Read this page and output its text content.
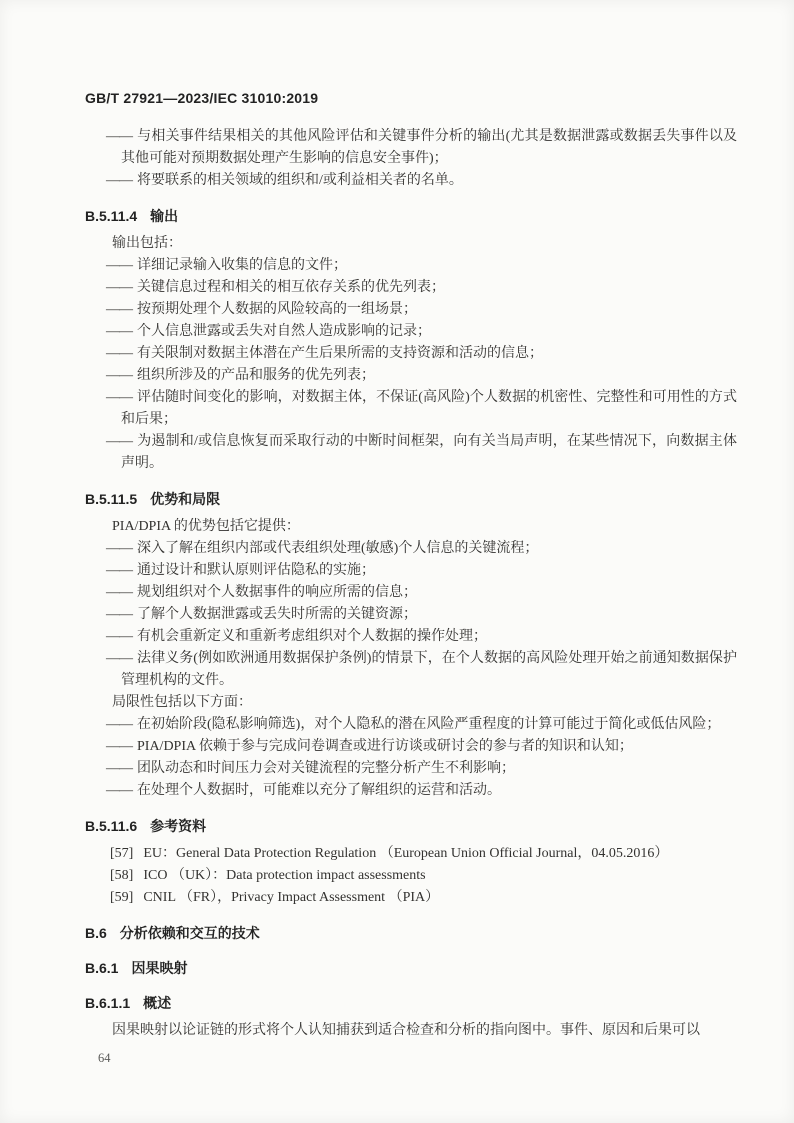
GB/T 27921—2023/IEC 31010:2019

—— 与相关事件结果相关的其他风险评估和关键事件分析的输出(尤其是数据泄露或数据丢失事件以及其他可能对预期数据处理产生影响的信息安全事件)；

—— 将要联系的相关领域的组织和/或利益相关者的名单。

B.5.11.4 输出

输出包括：

—— 详细记录输入收集的信息的文件；

—— 关键信息过程和相关的相互依存关系的优先列表；

—— 按预期处理个人数据的风险较高的一组场景；

—— 个人信息泄露或丢失对自然人造成影响的记录；

—— 有关限制对数据主体潜在产生后果所需的支持资源和活动的信息；

—— 组织所涉及的产品和服务的优先列表；

—— 评估随时间变化的影响，对数据主体，不保证(高风险)个人数据的机密性、完整性和可用性的方式和后果；

—— 为遏制和/或信息恢复而采取行动的中断时间框架，向有关当局声明，在某些情况下，向数据主体声明。

B.5.11.5 优势和局限

PIA/DPIA 的优势包括它提供：

—— 深入了解在组织内部或代表组织处理(敏感)个人信息的关键流程；

—— 通过设计和默认原则评估隐私的实施；

—— 规划组织对个人数据事件的响应所需的信息；

—— 了解个人数据泄露或丢失时所需的关键资源；

—— 有机会重新定义和重新考虑组织对个人数据的操作处理；

—— 法律义务(例如欧洲通用数据保护条例)的情景下，在个人数据的高风险处理开始之前通知数据保护管理机构的文件。

局限性包括以下方面：

—— 在初始阶段(隐私影响筛选)，对个人隐私的潜在风险严重程度的计算可能过于简化或低估风险；

—— PIA/DPIA 依赖于参与完成问卷调查或进行访谈或研讨会的参与者的知识和认知；

—— 团队动态和时间压力会对关键流程的完整分析产生不利影响；

—— 在处理个人数据时，可能难以充分了解组织的运营和活动。

B.5.11.6 参考资料

[57] EU：General Data Protection Regulation （European Union Official Journal，04.05.2016）

[58] ICO （UK）：Data protection impact assessments

[59] CNIL （FR），Privacy Impact Assessment （PIA）

B.6 分析依赖和交互的技术

B.6.1 因果映射

B.6.1.1 概述

因果映射以论证链的形式将个人认知捕获到适合检查和分析的指向图中。事件、原因和后果可以

64
